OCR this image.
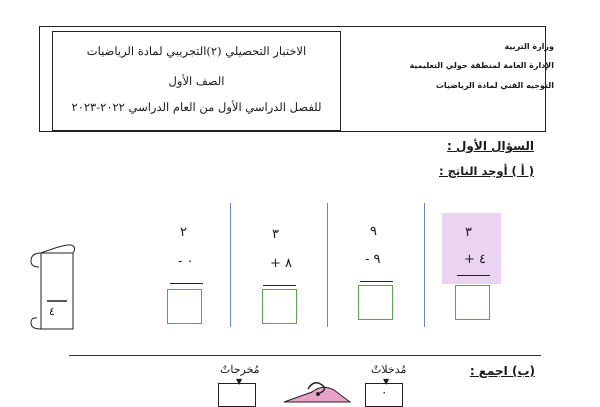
الاختبار التحصيلي (٢)التجريبي لمادة الرياضيات
الصف الأول
للفصل الدراسي الأول من العام الدراسي ٢٠٢٢-٢٠٢٣
وزارة التربية
الإدارة العامة لمنطقة حولي التعليمية
التوجيه الفني لمادة الرياضيات
السؤال الأول :
( أ ) أوجد الناتج :
٣
٤ +
٩
٩ -
٣
٨ +
٢
٠ -
٤
(ب) اجمع :
مُدخلاتٌ
▼
٠
مُخرجاتٌ
▼
